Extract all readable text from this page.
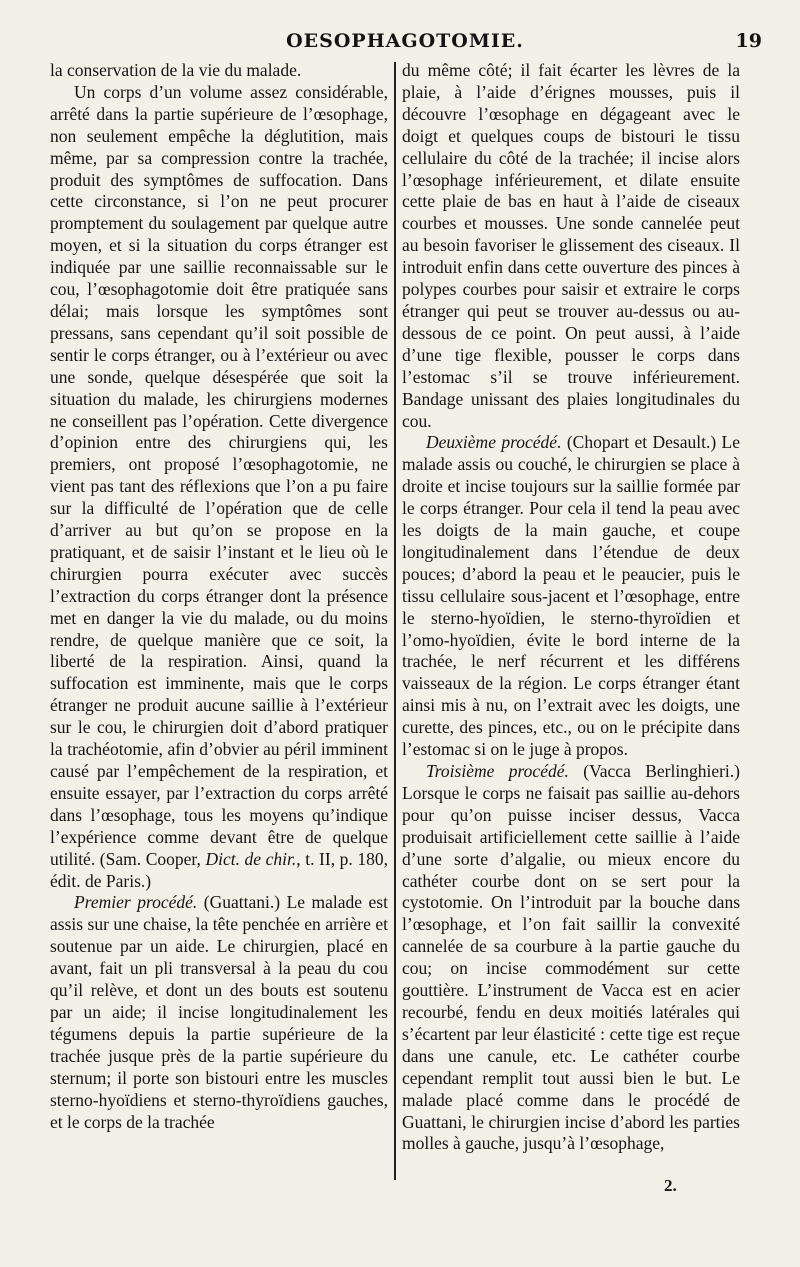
OESOPHAGOTOMIE.	19

la conservation de la vie du malade.

Un corps d’un volume assez considérable, arrêté dans la partie supérieure de l’œsophage, non seulement empêche la déglutition, mais même, par sa compression contre la trachée, produit des symptômes de suffocation. Dans cette circonstance, si l’on ne peut procurer promptement du soulagement par quelque autre moyen, et si la situation du corps étranger est indiquée par une saillie reconnaissable sur le cou, l’œsophagotomie doit être pratiquée sans délai; mais lorsque les symptômes sont pressans, sans cependant qu’il soit possible de sentir le corps étranger, ou à l’extérieur ou avec une sonde, quelque désespérée que soit la situation du malade, les chirurgiens modernes ne conseillent pas l’opération. Cette divergence d’opinion entre des chirurgiens qui, les premiers, ont proposé l’œsophagotomie, ne vient pas tant des réflexions que l’on a pu faire sur la difficulté de l’opération que de celle d’arriver au but qu’on se propose en la pratiquant, et de saisir l’instant et le lieu où le chirurgien pourra exécuter avec succès l’extraction du corps étranger dont la présence met en danger la vie du malade, ou du moins rendre, de quelque manière que ce soit, la liberté de la respiration. Ainsi, quand la suffocation est imminente, mais que le corps étranger ne produit aucune saillie à l’extérieur sur le cou, le chirurgien doit d’abord pratiquer la trachéotomie, afin d’obvier au péril imminent causé par l’empêchement de la respiration, et ensuite essayer, par l’extraction du corps arrêté dans l’œsophage, tous les moyens qu’indique l’expérience comme devant être de quelque utilité. (Sam. Cooper, Dict. de chir., t. II, p. 180, édit. de Paris.)

Premier procédé. (Guattani.) Le malade est assis sur une chaise, la tête penchée en arrière et soutenue par un aide. Le chirurgien, placé en avant, fait un pli transversal à la peau du cou qu’il relève, et dont un des bouts est soutenu par un aide; il incise longitudinalement les tégumens depuis la partie supérieure de la trachée jusque près de la partie supérieure du sternum; il porte son bistouri entre les muscles sterno-hyoïdiens et sterno-thyroïdiens gauches, et le corps de la trachée

du même côté; il fait écarter les lèvres de la plaie, à l’aide d’érignes mousses, puis il découvre l’œsophage en dégageant avec le doigt et quelques coups de bistouri le tissu cellulaire du côté de la trachée; il incise alors l’œsophage inférieurement, et dilate ensuite cette plaie de bas en haut à l’aide de ciseaux courbes et mousses. Une sonde cannelée peut au besoin favoriser le glissement des ciseaux. Il introduit enfin dans cette ouverture des pinces à polypes courbes pour saisir et extraire le corps étranger qui peut se trouver au-dessus ou au-dessous de ce point. On peut aussi, à l’aide d’une tige flexible, pousser le corps dans l’estomac s’il se trouve inférieurement. Bandage unissant des plaies longitudinales du cou.

Deuxième procédé. (Chopart et Desault.) Le malade assis ou couché, le chirurgien se place à droite et incise toujours sur la saillie formée par le corps étranger. Pour cela il tend la peau avec les doigts de la main gauche, et coupe longitudinalement dans l’étendue de deux pouces; d’abord la peau et le peaucier, puis le tissu cellulaire sous-jacent et l’œsophage, entre le sterno-hyoïdien, le sterno-thyroïdien et l’omo-hyoïdien, évite le bord interne de la trachée, le nerf récurrent et les différens vaisseaux de la région. Le corps étranger étant ainsi mis à nu, on l’extrait avec les doigts, une curette, des pinces, etc., ou on le précipite dans l’estomac si on le juge à propos.

Troisième procédé. (Vacca Berlinghieri.) Lorsque le corps ne faisait pas saillie au-dehors pour qu’on puisse inciser dessus, Vacca produisait artificiellement cette saillie à l’aide d’une sorte d’algalie, ou mieux encore du cathéter courbe dont on se sert pour la cystotomie. On l’introduit par la bouche dans l’œsophage, et l’on fait saillir la convexité cannelée de sa courbure à la partie gauche du cou; on incise commodément sur cette gouttière. L’instrument de Vacca est en acier recourbé, fendu en deux moitiés latérales qui s’écartent par leur élasticité : cette tige est reçue dans une canule, etc. Le cathéter courbe cependant remplit tout aussi bien le but. Le malade placé comme dans le procédé de Guattani, le chirurgien incise d’abord les parties molles à gauche, jusqu’à l’œsophage,

2.
